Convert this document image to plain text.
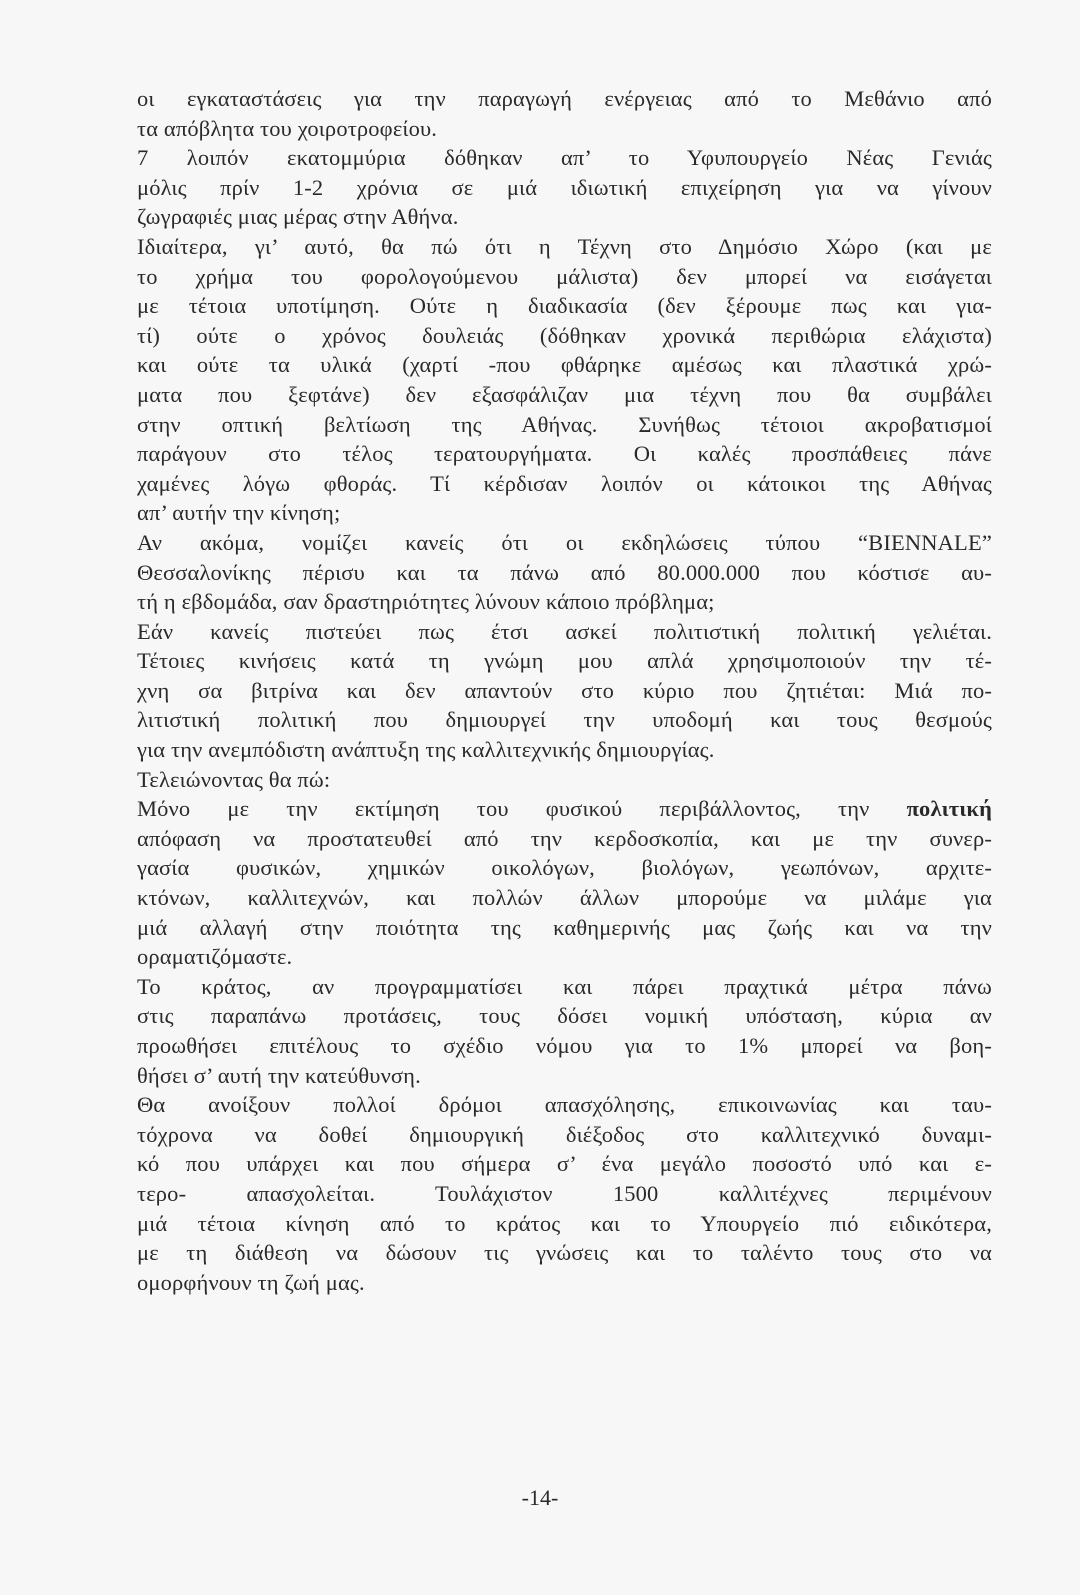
οι εγκαταστάσεις για την παραγωγή ενέργειας από το Μεθάνιο από
τα απόβλητα του χοιροτροφείου.
7 λοιπόν εκατομμύρια δόθηκαν απ’ το Υφυπουργείο Νέας Γενιάς
μόλις πρίν 1-2 χρόνια σε μιά ιδιωτική επιχείρηση για να γίνουν
ζωγραφιές μιας μέρας στην Αθήνα.
Ιδιαίτερα, γι’ αυτό, θα πώ ότι η Τέχνη στο Δημόσιο Χώρο (και με
το χρήμα του φορολογούμενου μάλιστα) δεν μπορεί να εισάγεται
με τέτοια υποτίμηση. Ούτε η διαδικασία (δεν ξέρουμε πως και για-
τί) ούτε ο χρόνος δουλειάς (δόθηκαν χρονικά περιθώρια ελάχιστα)
και ούτε τα υλικά (χαρτί -που φθάρηκε αμέσως και πλαστικά χρώ-
ματα που ξεφτάνε) δεν εξασφάλιζαν μια τέχνη που θα συμβάλει
στην οπτική βελτίωση της Αθήνας. Συνήθως τέτοιοι ακροβατισμοί
παράγουν στο τέλος τερατουργήματα. Οι καλές προσπάθειες πάνε
χαμένες λόγω φθοράς. Τί κέρδισαν λοιπόν οι κάτοικοι της Αθήνας
απ’ αυτήν την κίνηση;
Αν ακόμα, νομίζει κανείς ότι οι εκδηλώσεις τύπου “BIENNALE”
Θεσσαλονίκης πέρισυ και τα πάνω από 80.000.000 που κόστισε αυ-
τή η εβδομάδα, σαν δραστηριότητες λύνουν κάποιο πρόβλημα;
Εάν κανείς πιστεύει πως έτσι ασκεί πολιτιστική πολιτική γελιέται.
Τέτοιες κινήσεις κατά τη γνώμη μου απλά χρησιμοποιούν την τέ-
χνη σα βιτρίνα και δεν απαντούν στο κύριο που ζητιέται: Μιά πο-
λιτιστική πολιτική που δημιουργεί την υποδομή και τους θεσμούς
για την ανεμπόδιστη ανάπτυξη της καλλιτεχνικής δημιουργίας.
Τελειώνοντας θα πώ:
Μόνο με την εκτίμηση του φυσικού περιβάλλοντος, την πολιτική
απόφαση να προστατευθεί από την κερδοσκοπία, και με την συνερ-
γασία φυσικών, χημικών οικολόγων, βιολόγων, γεωπόνων, αρχιτε-
κτόνων, καλλιτεχνών, και πολλών άλλων μπορούμε να μιλάμε για
μιά αλλαγή στην ποιότητα της καθημερινής μας ζωής και να την
οραματιζόμαστε.
Το κράτος, αν προγραμματίσει και πάρει πραχτικά μέτρα πάνω
στις παραπάνω προτάσεις, τους δόσει νομική υπόσταση, κύρια αν
προωθήσει επιτέλους το σχέδιο νόμου για το 1% μπορεί να βοη-
θήσει σ’ αυτή την κατεύθυνση.
Θα ανοίξουν πολλοί δρόμοι απασχόλησης, επικοινωνίας και ταυ-
τόχρονα να δοθεί δημιουργική διέξοδος στο καλλιτεχνικό δυναμι-
κό που υπάρχει και που σήμερα σ’ ένα μεγάλο ποσοστό υπό και ε-
τερο- απασχολείται. Τουλάχιστον 1500 καλλιτέχνες περιμένουν
μιά τέτοια κίνηση από το κράτος και το Υπουργείο πιό ειδικότερα,
με τη διάθεση να δώσουν τις γνώσεις και το ταλέντο τους στο να
ομορφήνουν τη ζωή μας.
-14-
